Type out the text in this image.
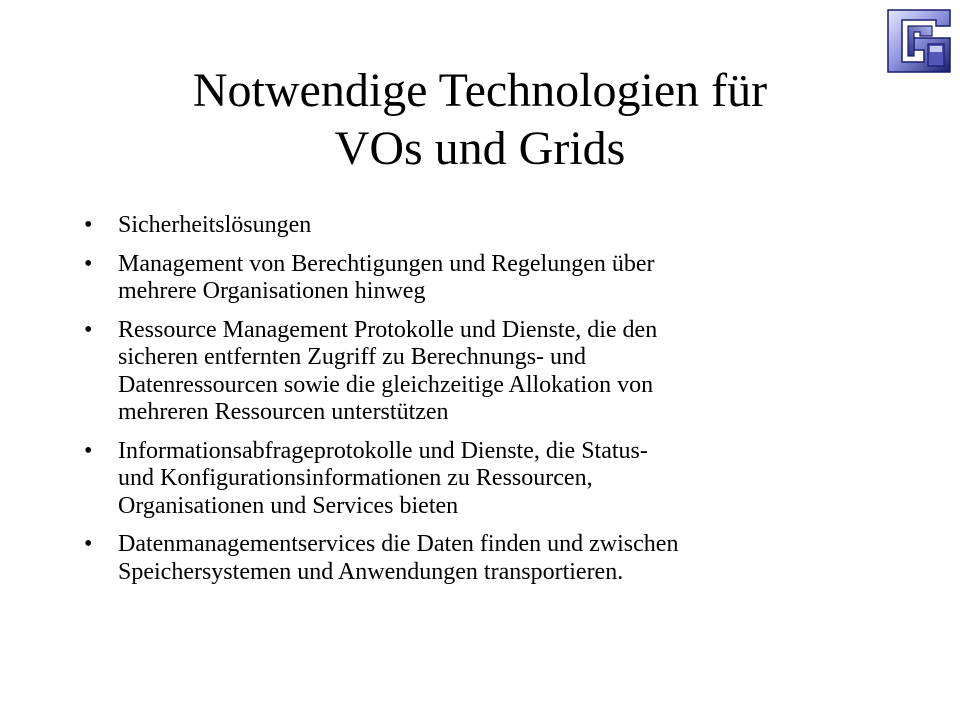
Notwendige Technologien für
VOs und Grids
• Sicherheitslösungen
• Management von Berechtigungen und Regelungen über
mehrere Organisationen hinweg
• Ressource Management Protokolle und Dienste, die den
sicheren entfernten Zugriff zu Berechnungs- und
Datenressourcen sowie die gleichzeitige Allokation von
mehreren Ressourcen unterstützen
• Informationsabfrageprotokolle und Dienste, die Status-
und Konfigurationsinformationen zu Ressourcen,
Organisationen und Services bieten
• Datenmanagementservices die Daten finden und zwischen
Speichersystemen und Anwendungen transportieren.
